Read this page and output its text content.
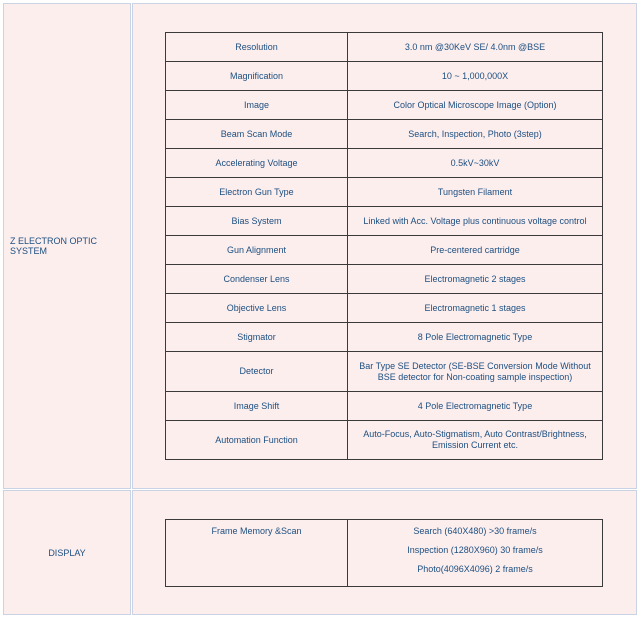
Z ELECTRON OPTIC SYSTEM
Resolution	3.0 nm @30KeV SE/ 4.0nm @BSE
Magnification	10 ~ 1,000,000X
Image	Color Optical Microscope Image (Option)
Beam Scan Mode	Search, Inspection, Photo (3step)
Accelerating Voltage	0.5kV~30kV
Electron Gun Type	Tungsten Filament
Bias System	Linked with Acc. Voltage plus continuous voltage control
Gun Alignment	Pre-centered cartridge
Condenser Lens	Electromagnetic 2 stages
Objective Lens	Electromagnetic 1 stages
Stigmator	8 Pole Electromagnetic Type
Detector	Bar Type SE Detector (SE-BSE Conversion Mode Without BSE detector for Non-coating sample inspection)
Image Shift	4 Pole Electromagnetic Type
Automation Function	Auto-Focus, Auto-Stigmatism, Auto Contrast/Brightness, Emission Current etc.
DISPLAY
Frame Memory &Scan	Search (640X480) >30 frame/s
Inspection (1280X960) 30 frame/s
Photo(4096X4096) 2 frame/s
